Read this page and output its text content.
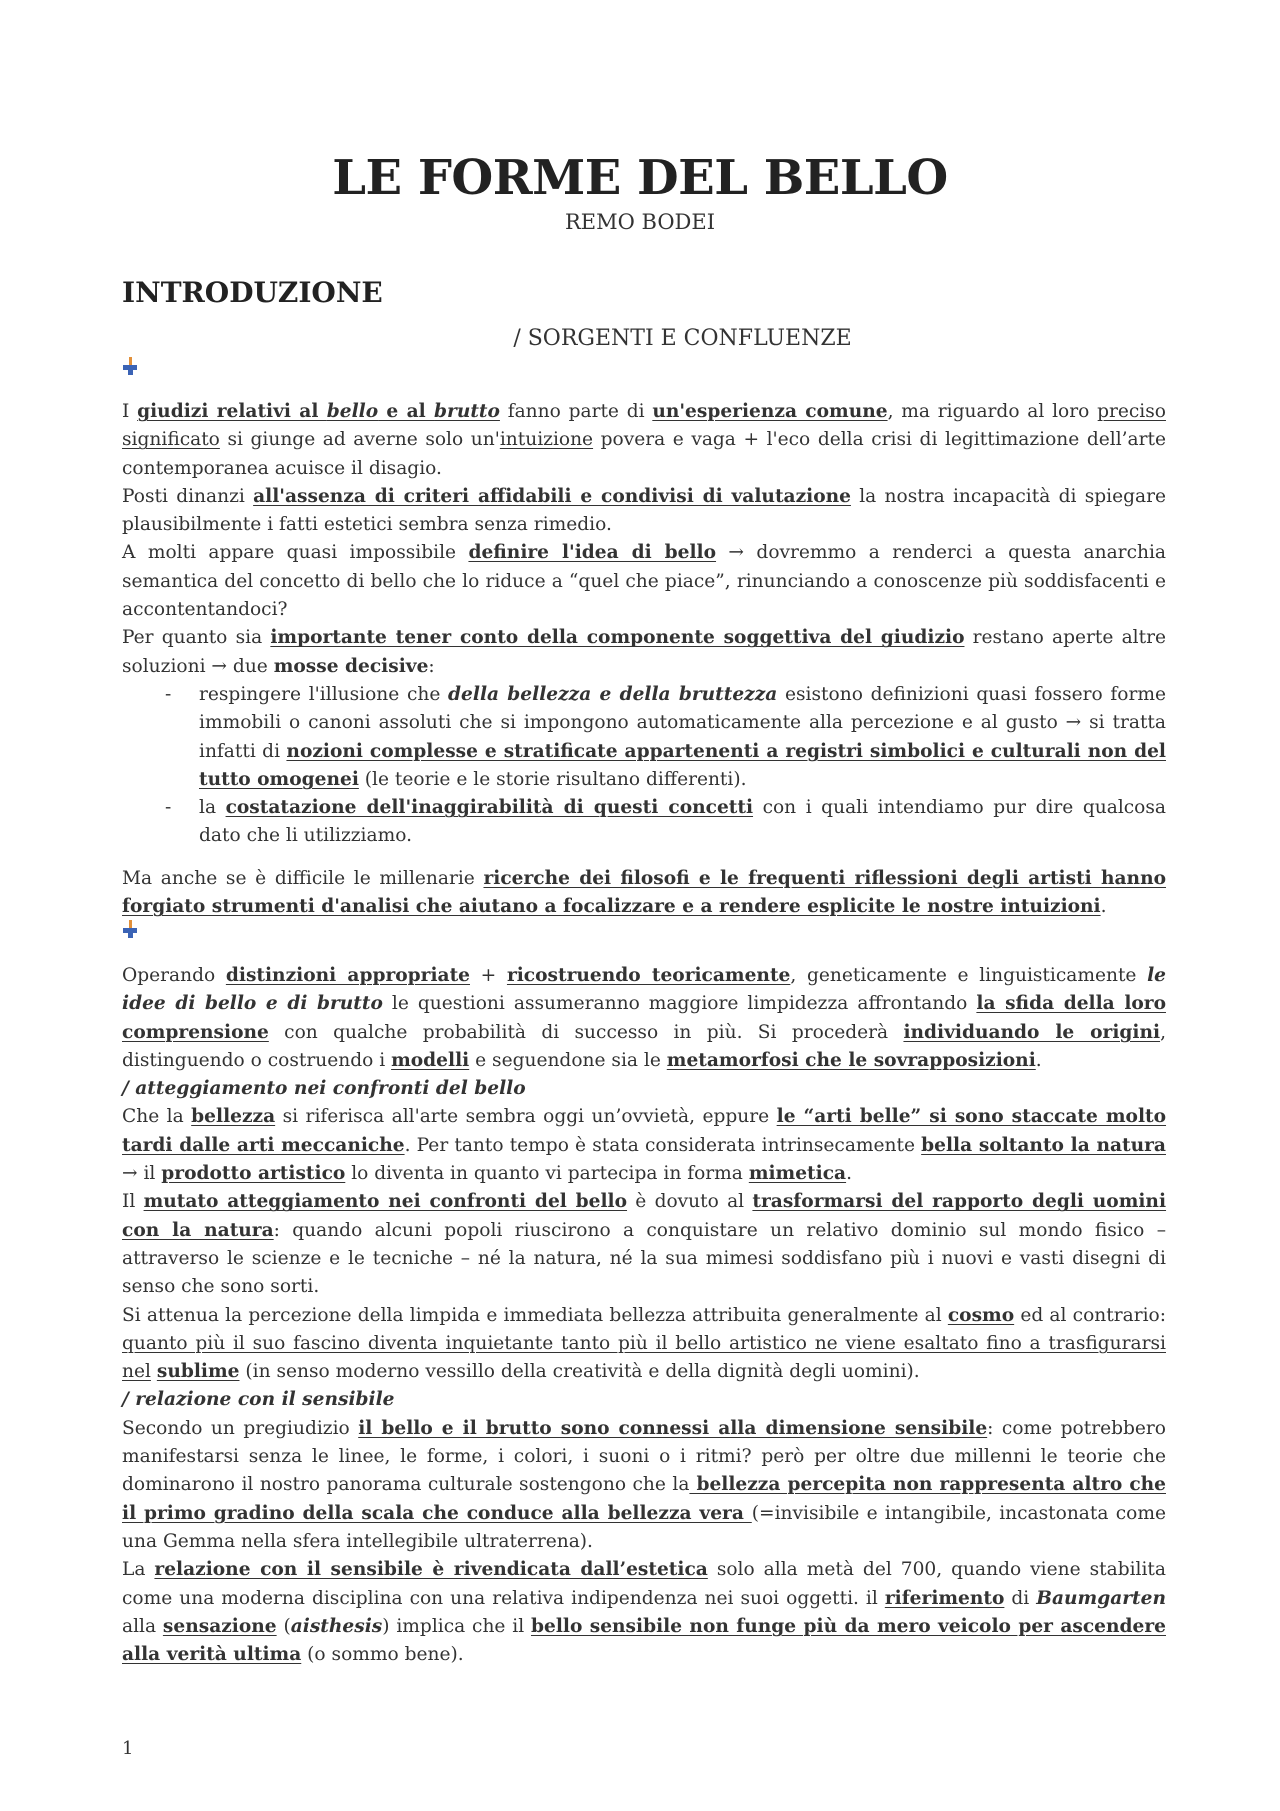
LE FORME DEL BELLO

REMO BODEI

INTRODUZIONE

/ SORGENTI E CONFLUENZE

I giudizi relativi al bello e al brutto fanno parte di un'esperienza comune, ma riguardo al loro preciso significato si giunge ad averne solo un'intuizione povera e vaga + l'eco della crisi di legittimazione dell’arte contemporanea acuisce il disagio.

Posti dinanzi all'assenza di criteri affidabili e condivisi di valutazione la nostra incapacità di spiegare plausibilmente i fatti estetici sembra senza rimedio.

A molti appare quasi impossibile definire l'idea di bello → dovremmo a renderci a questa anarchia semantica del concetto di bello che lo riduce a “quel che piace”, rinunciando a conoscenze più soddisfacenti e accontentandoci?

Per quanto sia importante tener conto della componente soggettiva del giudizio restano aperte altre soluzioni → due mosse decisive:

- respingere l'illusione che della bellezza e della bruttezza esistono definizioni quasi fossero forme immobili o canoni assoluti che si impongono automaticamente alla percezione e al gusto → si tratta infatti di nozioni complesse e stratificate appartenenti a registri simbolici e culturali non del tutto omogenei (le teorie e le storie risultano differenti).
- la costatazione dell'inaggirabilità di questi concetti con i quali intendiamo pur dire qualcosa dato che li utilizziamo.

Ma anche se è difficile le millenarie ricerche dei filosofi e le frequenti riflessioni degli artisti hanno forgiato strumenti d'analisi che aiutano a focalizzare e a rendere esplicite le nostre intuizioni.

Operando distinzioni appropriate + ricostruendo teoricamente, geneticamente e linguisticamente le idee di bello e di brutto le questioni assumeranno maggiore limpidezza affrontando la sfida della loro comprensione con qualche probabilità di successo in più. Si procederà individuando le origini, distinguendo o costruendo i modelli e seguendone sia le metamorfosi che le sovrapposizioni.

/ atteggiamento nei confronti del bello

Che la bellezza si riferisca all'arte sembra oggi un’ovvietà, eppure le “arti belle” si sono staccate molto tardi dalle arti meccaniche. Per tanto tempo è stata considerata intrinsecamente bella soltanto la natura → il prodotto artistico lo diventa in quanto vi partecipa in forma mimetica.

Il mutato atteggiamento nei confronti del bello è dovuto al trasformarsi del rapporto degli uomini con la natura: quando alcuni popoli riuscirono a conquistare un relativo dominio sul mondo fisico – attraverso le scienze e le tecniche – né la natura, né la sua mimesi soddisfano più i nuovi e vasti disegni di senso che sono sorti.

Si attenua la percezione della limpida e immediata bellezza attribuita generalmente al cosmo ed al contrario: quanto più il suo fascino diventa inquietante tanto più il bello artistico ne viene esaltato fino a trasfigurarsi nel sublime (in senso moderno vessillo della creatività e della dignità degli uomini).

/ relazione con il sensibile

Secondo un pregiudizio il bello e il brutto sono connessi alla dimensione sensibile: come potrebbero manifestarsi senza le linee, le forme, i colori, i suoni o i ritmi? però per oltre due millenni le teorie che dominarono il nostro panorama culturale sostengono che la bellezza percepita non rappresenta altro che il primo gradino della scala che conduce alla bellezza vera (=invisibile e intangibile, incastonata come una Gemma nella sfera intellegibile ultraterrena).

La relazione con il sensibile è rivendicata dall’estetica solo alla metà del 700, quando viene stabilita come una moderna disciplina con una relativa indipendenza nei suoi oggetti. il riferimento di Baumgarten alla sensazione (aisthesis) implica che il bello sensibile non funge più da mero veicolo per ascendere alla verità ultima (o sommo bene).

1
